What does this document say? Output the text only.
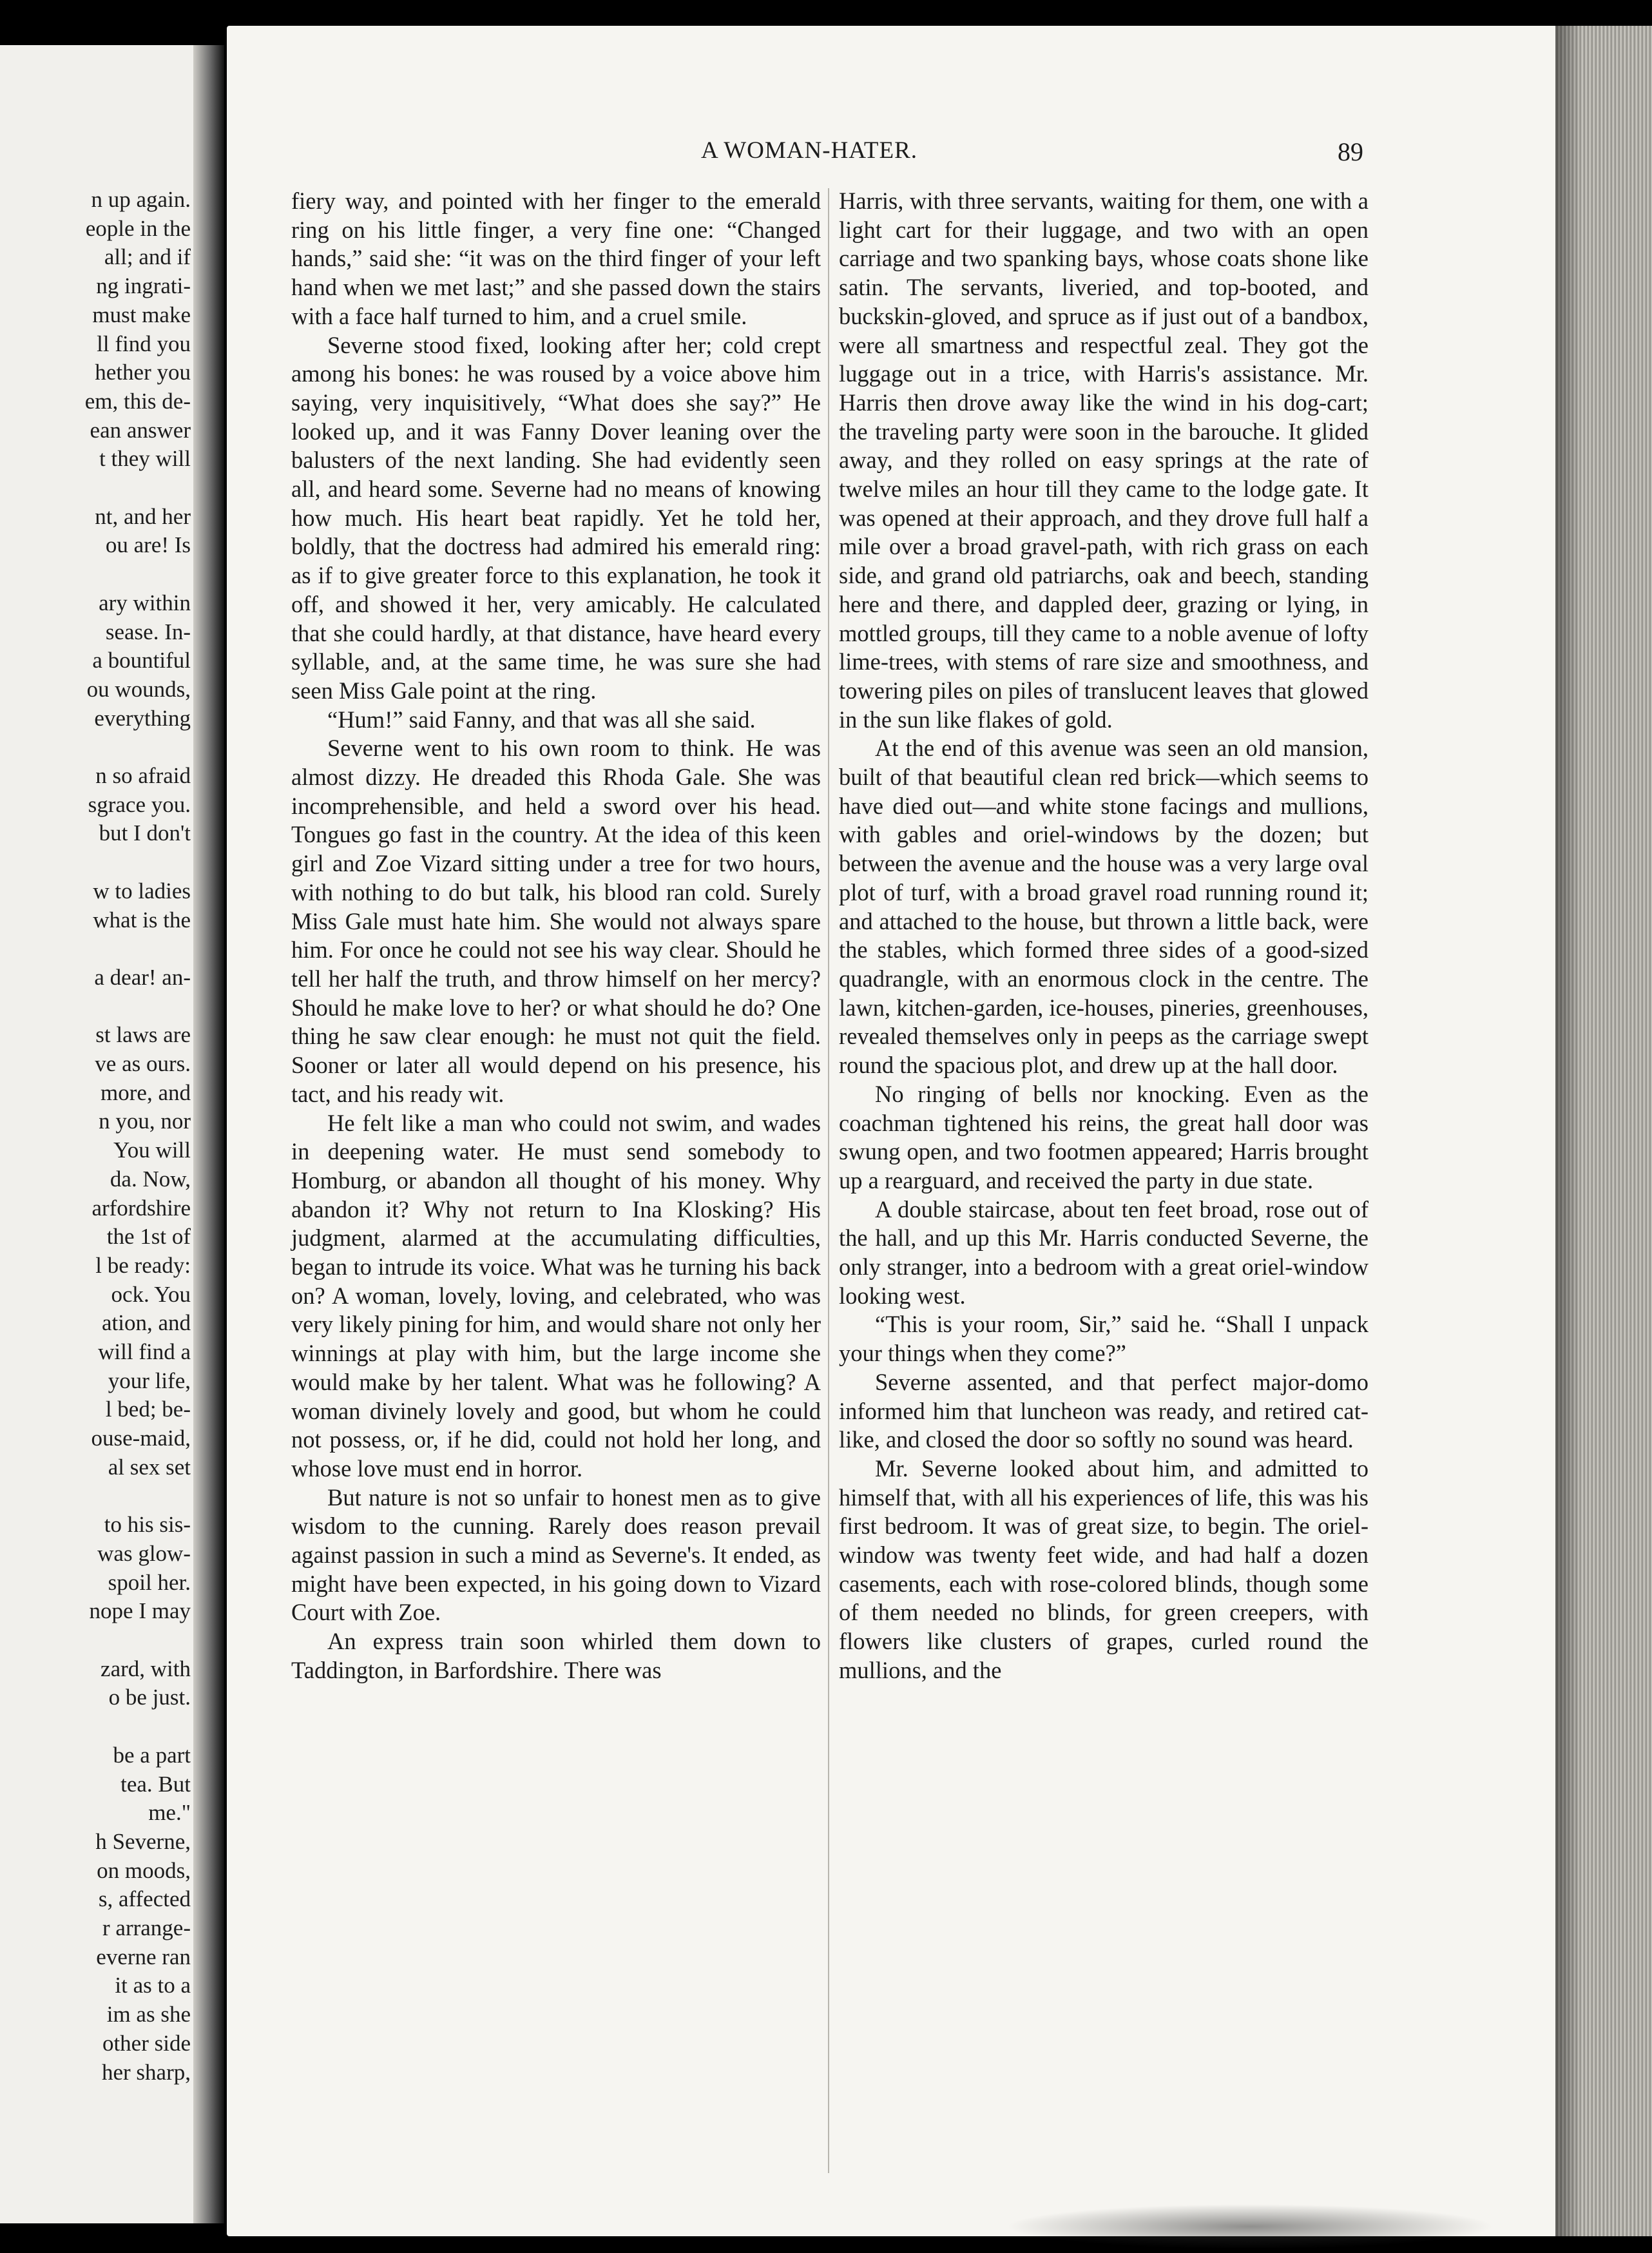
n up again.
eople in the
all; and if
ng ingrati-
must make
ll find you
hether you
em, this de-
ean answer
t they will
nt, and her
ou are! Is
ary within
sease. In-
a bountiful
ou wounds,
everything
n so afraid
sgrace you.
but I don't
w to ladies
what is the
a dear! an-
st laws are
ve as ours.
more, and
n you, nor
You will
da. Now,
arfordshire
the 1st of
l be ready:
ock. You
ation, and
will find a
your life,
l bed; be-
ouse-maid,
al sex set
to his sis-
was glow-
spoil her.
nope I may
zard, with
o be just.
be a part
tea. But
me."
h Severne,
on moods,
s, affected
r arrange-
everne ran
it as to a
im as she
other side
her sharp,
A WOMAN-HATER.	89

fiery way, and pointed with her finger to the emerald ring on his little finger, a very fine one: “Changed hands,” said she: “it was on the third finger of your left hand when we met last;” and she passed down the stairs with a face half turned to him, and a cruel smile.

Severne stood fixed, looking after her; cold crept among his bones: he was roused by a voice above him saying, very inquisitively, “What does she say?” He looked up, and it was Fanny Dover leaning over the balusters of the next landing. She had evidently seen all, and heard some. Severne had no means of knowing how much. His heart beat rapidly. Yet he told her, boldly, that the doctress had admired his emerald ring: as if to give greater force to this explanation, he took it off, and showed it her, very amicably. He calculated that she could hardly, at that distance, have heard every syllable, and, at the same time, he was sure she had seen Miss Gale point at the ring.

“Hum!” said Fanny, and that was all she said.

Severne went to his own room to think. He was almost dizzy. He dreaded this Rhoda Gale. She was incomprehensible, and held a sword over his head. Tongues go fast in the country. At the idea of this keen girl and Zoe Vizard sitting under a tree for two hours, with nothing to do but talk, his blood ran cold. Surely Miss Gale must hate him. She would not always spare him. For once he could not see his way clear. Should he tell her half the truth, and throw himself on her mercy? Should he make love to her? or what should he do? One thing he saw clear enough: he must not quit the field. Sooner or later all would depend on his presence, his tact, and his ready wit.

He felt like a man who could not swim, and wades in deepening water. He must send somebody to Homburg, or abandon all thought of his money. Why abandon it? Why not return to Ina Klosking? His judgment, alarmed at the accumulating difficulties, began to intrude its voice. What was he turning his back on? A woman, lovely, loving, and celebrated, who was very likely pining for him, and would share not only her winnings at play with him, but the large income she would make by her talent. What was he following? A woman divinely lovely and good, but whom he could not possess, or, if he did, could not hold her long, and whose love must end in horror.

But nature is not so unfair to honest men as to give wisdom to the cunning. Rarely does reason prevail against passion in such a mind as Severne's. It ended, as might have been expected, in his going down to Vizard Court with Zoe.

An express train soon whirled them down to Taddington, in Barfordshire. There was

Harris, with three servants, waiting for them, one with a light cart for their luggage, and two with an open carriage and two spanking bays, whose coats shone like satin. The servants, liveried, and top-booted, and buckskin-gloved, and spruce as if just out of a bandbox, were all smartness and respectful zeal. They got the luggage out in a trice, with Harris's assistance. Mr. Harris then drove away like the wind in his dog-cart; the traveling party were soon in the barouche. It glided away, and they rolled on easy springs at the rate of twelve miles an hour till they came to the lodge gate. It was opened at their approach, and they drove full half a mile over a broad gravel-path, with rich grass on each side, and grand old patriarchs, oak and beech, standing here and there, and dappled deer, grazing or lying, in mottled groups, till they came to a noble avenue of lofty lime-trees, with stems of rare size and smoothness, and towering piles on piles of translucent leaves that glowed in the sun like flakes of gold.

At the end of this avenue was seen an old mansion, built of that beautiful clean red brick—which seems to have died out—and white stone facings and mullions, with gables and oriel-windows by the dozen; but between the avenue and the house was a very large oval plot of turf, with a broad gravel road running round it; and attached to the house, but thrown a little back, were the stables, which formed three sides of a good-sized quadrangle, with an enormous clock in the centre. The lawn, kitchen-garden, ice-houses, pineries, greenhouses, revealed themselves only in peeps as the carriage swept round the spacious plot, and drew up at the hall door.

No ringing of bells nor knocking. Even as the coachman tightened his reins, the great hall door was swung open, and two footmen appeared; Harris brought up a rearguard, and received the party in due state.

A double staircase, about ten feet broad, rose out of the hall, and up this Mr. Harris conducted Severne, the only stranger, into a bedroom with a great oriel-window looking west.

“This is your room, Sir,” said he. “Shall I unpack your things when they come?”

Severne assented, and that perfect major-domo informed him that luncheon was ready, and retired cat-like, and closed the door so softly no sound was heard.

Mr. Severne looked about him, and admitted to himself that, with all his experiences of life, this was his first bedroom. It was of great size, to begin. The oriel-window was twenty feet wide, and had half a dozen casements, each with rose-colored blinds, though some of them needed no blinds, for green creepers, with flowers like clusters of grapes, curled round the mullions, and the
